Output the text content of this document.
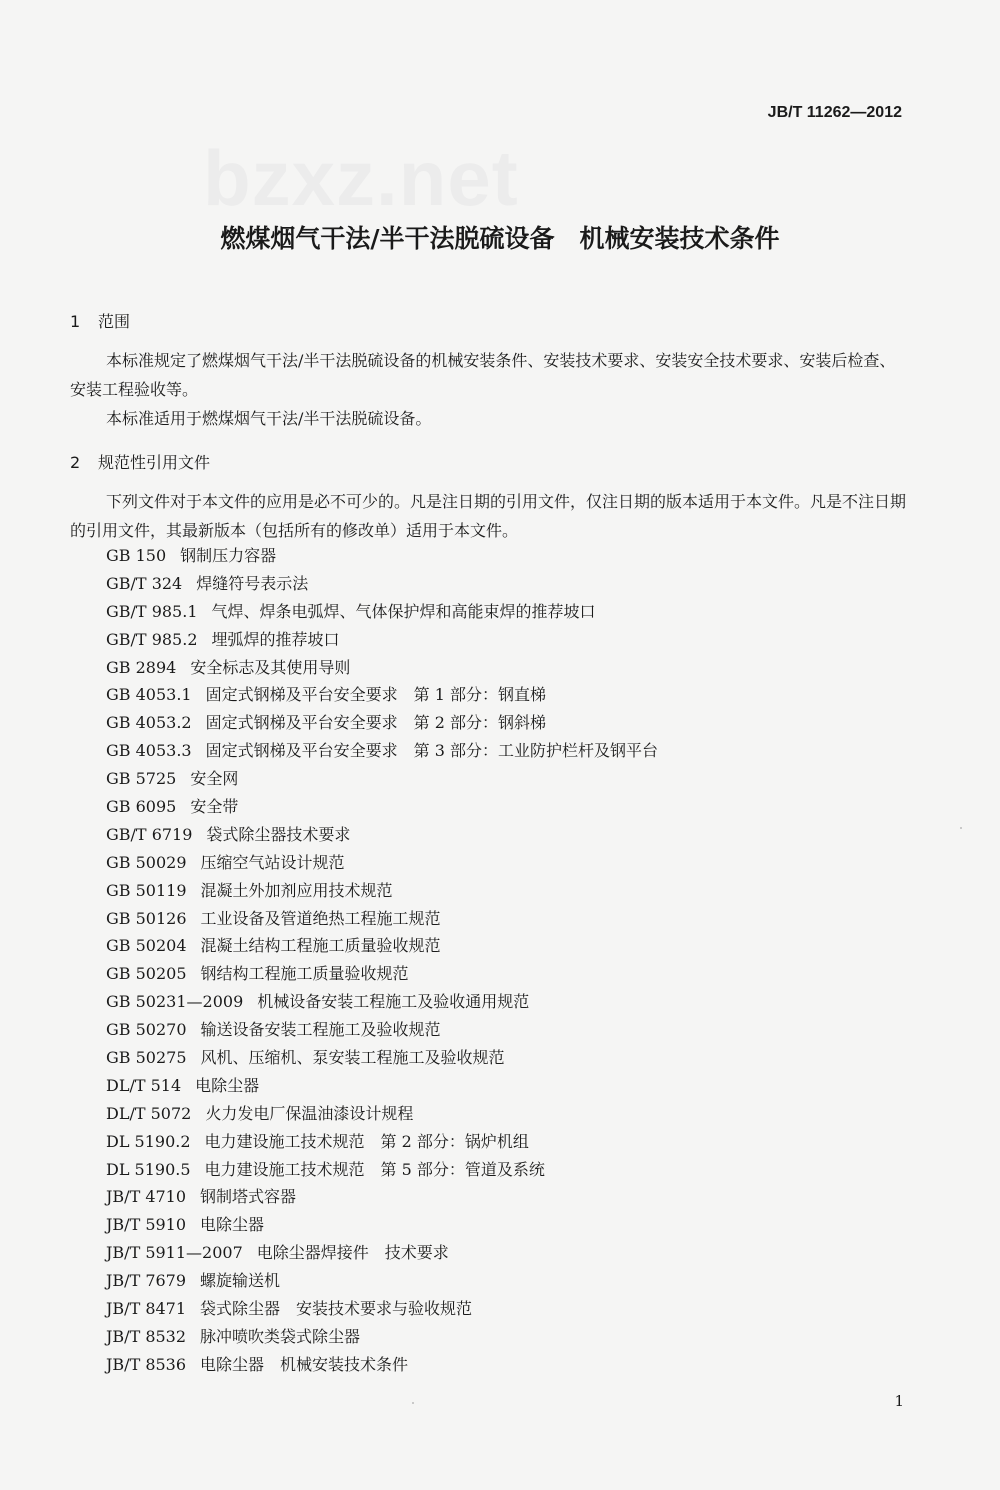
bzxz.net
JB/T 11262—2012
燃煤烟气干法/半干法脱硫设备　机械安装技术条件
1 范围
本标准规定了燃煤烟气干法/半干法脱硫设备的机械安装条件、安装技术要求、安装安全技术要求、安装后检查、安装工程验收等。
本标准适用于燃煤烟气干法/半干法脱硫设备。
2 规范性引用文件
下列文件对于本文件的应用是必不可少的。凡是注日期的引用文件，仅注日期的版本适用于本文件。凡是不注日期的引用文件，其最新版本（包括所有的修改单）适用于本文件。
GB 150 钢制压力容器
GB/T 324 焊缝符号表示法
GB/T 985.1 气焊、焊条电弧焊、气体保护焊和高能束焊的推荐坡口
GB/T 985.2 埋弧焊的推荐坡口
GB 2894 安全标志及其使用导则
GB 4053.1 固定式钢梯及平台安全要求　第 1 部分：钢直梯
GB 4053.2 固定式钢梯及平台安全要求　第 2 部分：钢斜梯
GB 4053.3 固定式钢梯及平台安全要求　第 3 部分：工业防护栏杆及钢平台
GB 5725 安全网
GB 6095 安全带
GB/T 6719 袋式除尘器技术要求
GB 50029 压缩空气站设计规范
GB 50119 混凝土外加剂应用技术规范
GB 50126 工业设备及管道绝热工程施工规范
GB 50204 混凝土结构工程施工质量验收规范
GB 50205 钢结构工程施工质量验收规范
GB 50231—2009 机械设备安装工程施工及验收通用规范
GB 50270 输送设备安装工程施工及验收规范
GB 50275 风机、压缩机、泵安装工程施工及验收规范
DL/T 514 电除尘器
DL/T 5072 火力发电厂保温油漆设计规程
DL 5190.2 电力建设施工技术规范　第 2 部分：锅炉机组
DL 5190.5 电力建设施工技术规范　第 5 部分：管道及系统
JB/T 4710 钢制塔式容器
JB/T 5910 电除尘器
JB/T 5911—2007 电除尘器焊接件　技术要求
JB/T 7679 螺旋输送机
JB/T 8471 袋式除尘器　安装技术要求与验收规范
JB/T 8532 脉冲喷吹类袋式除尘器
JB/T 8536 电除尘器　机械安装技术条件
1
